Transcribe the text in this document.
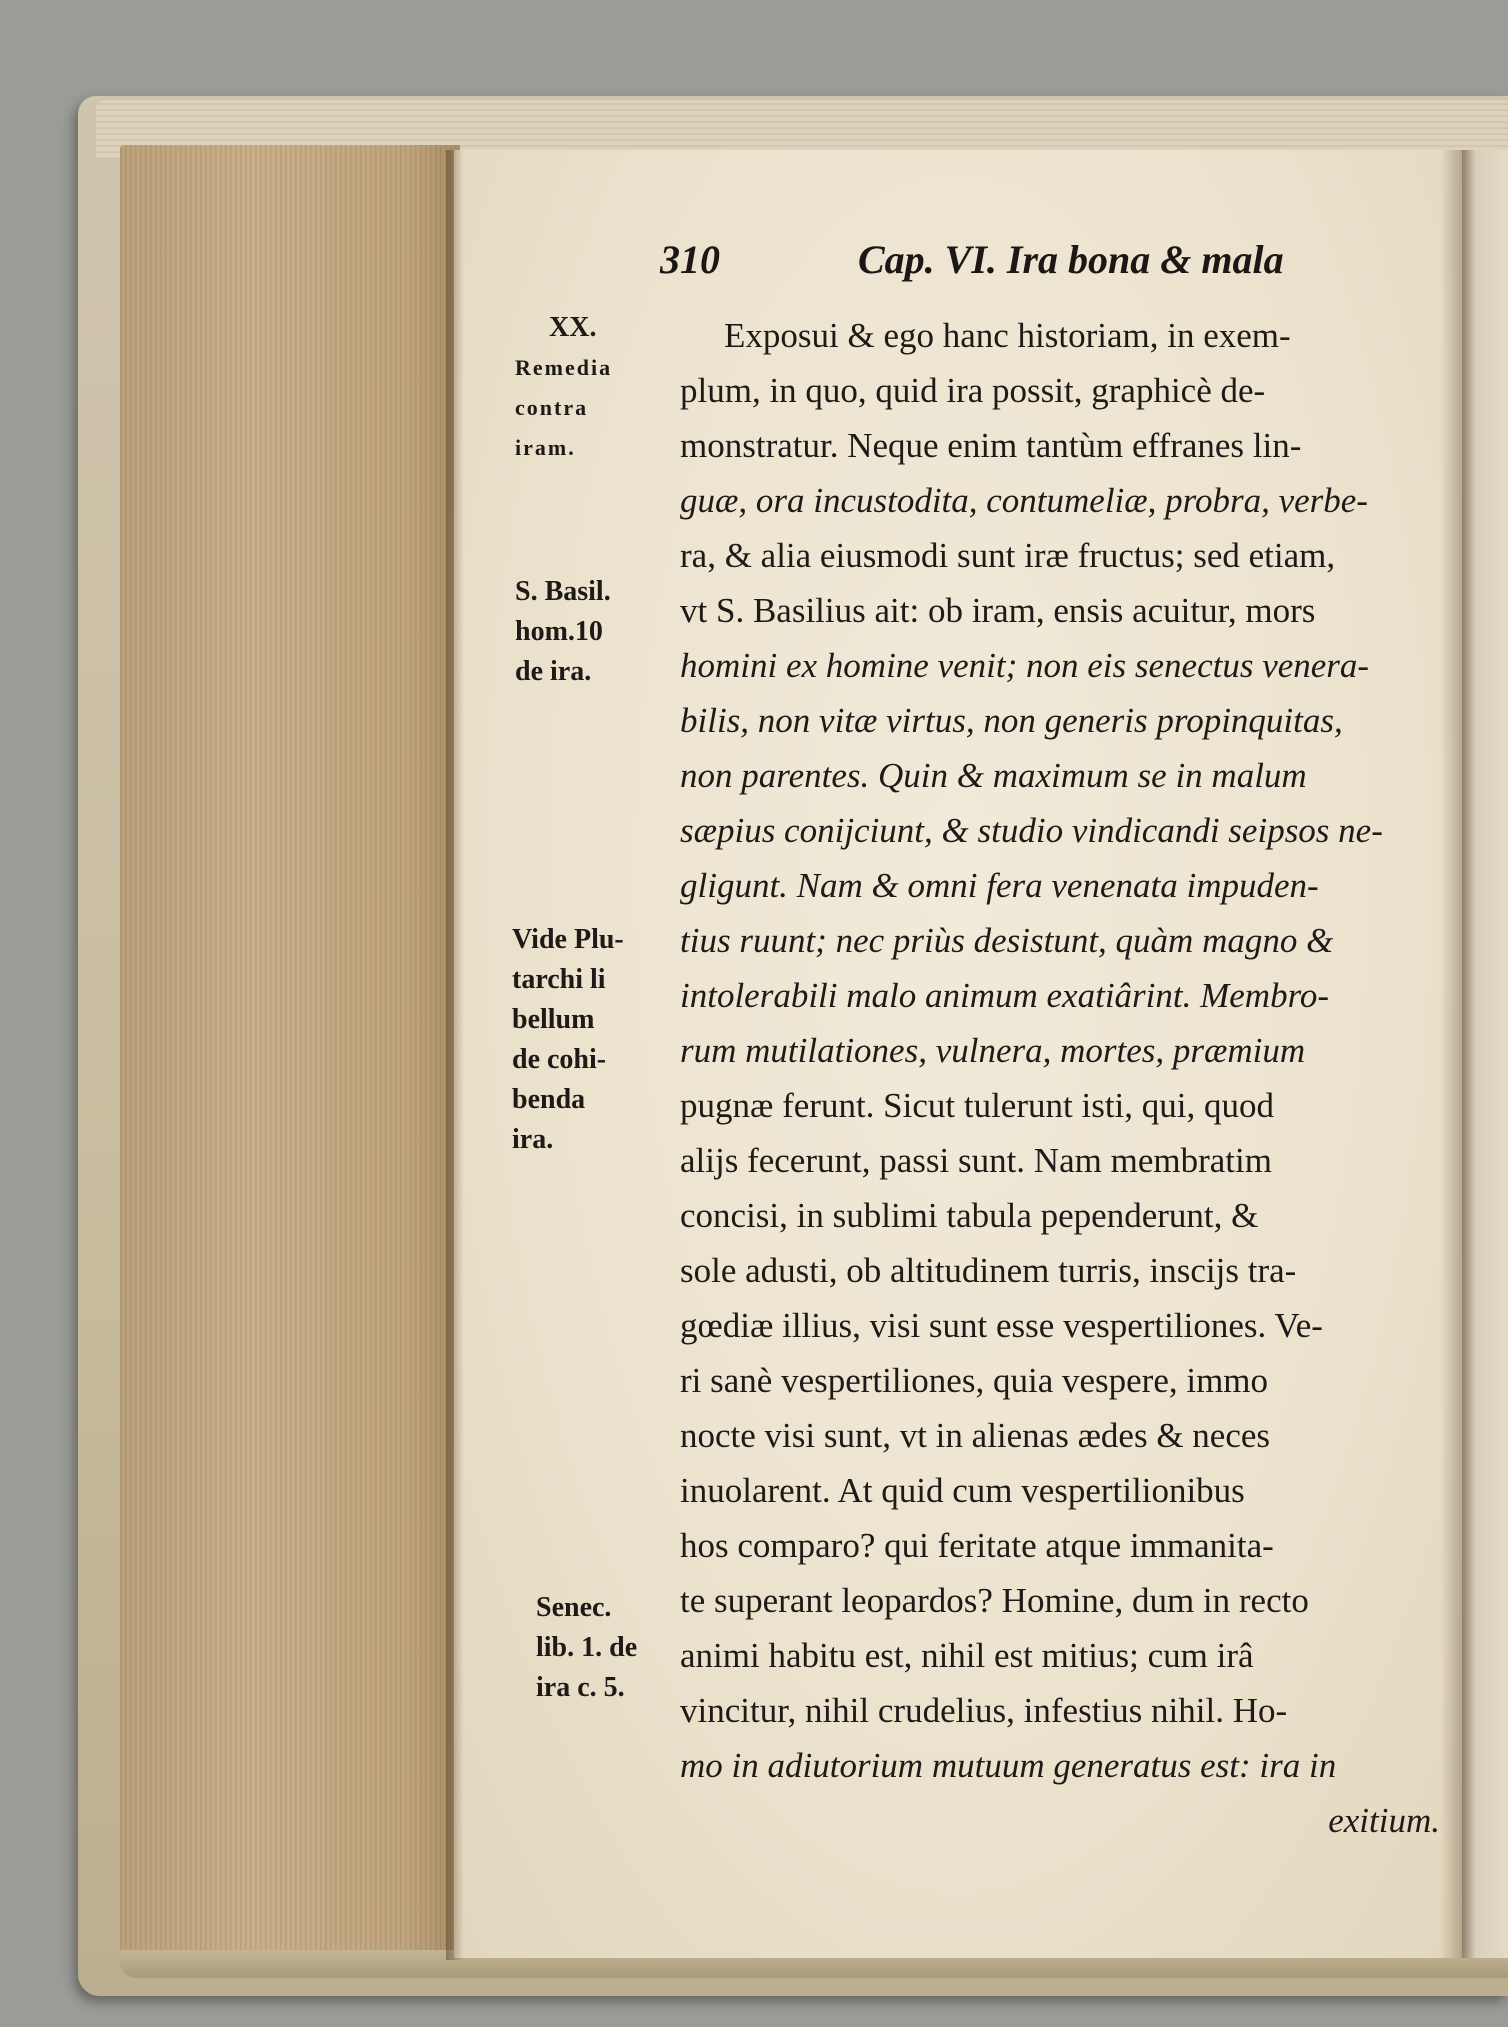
310	Cap. VI. Ira bona & mala
XX.
Remedia
contra
iram.
S. Basil.
hom.10
de ira.
Vide Plu-
tarchi li
bellum
de cohi-
benda
ira.
Senec.
lib. 1. de
ira c. 5.
Exposui & ego hanc historiam, in exem-
plum, in quo, quid ira possit, graphicè de-
monstratur. Neque enim tantùm effranes lin-
guæ, ora incustodita, contumeliæ, probra, verbe-
ra, & alia eiusmodi sunt iræ fructus; sed etiam,
vt S. Basilius ait: ob iram, ensis acuitur, mors
homini ex homine venit; non eis senectus venera-
bilis, non vitæ virtus, non generis propinquitas,
non parentes. Quin & maximum se in malum
sæpius conijciunt, & studio vindicandi seipsos ne-
gligunt. Nam & omni fera venenata impuden-
tius ruunt; nec priùs desistunt, quàm magno &
intolerabili malo animum exatiârint. Membro-
rum mutilationes, vulnera, mortes, præmium
pugnæ ferunt. Sicut tulerunt isti, qui, quod
alijs fecerunt, passi sunt. Nam membratim
concisi, in sublimi tabula pependerunt, &
sole adusti, ob altitudinem turris, inscijs tra-
gœdiæ illius, visi sunt esse vespertiliones. Ve-
ri sanè vespertiliones, quia vespere, immo
nocte visi sunt, vt in alienas ædes & neces
inuolarent. At quid cum vespertilionibus
hos comparo? qui feritate atque immanita-
te superant leopardos? Homine, dum in recto
animi habitu est, nihil est mitius; cum irâ
vincitur, nihil crudelius, infestius nihil. Ho-
mo in adiutorium mutuum generatus est: ira in
exitium.
